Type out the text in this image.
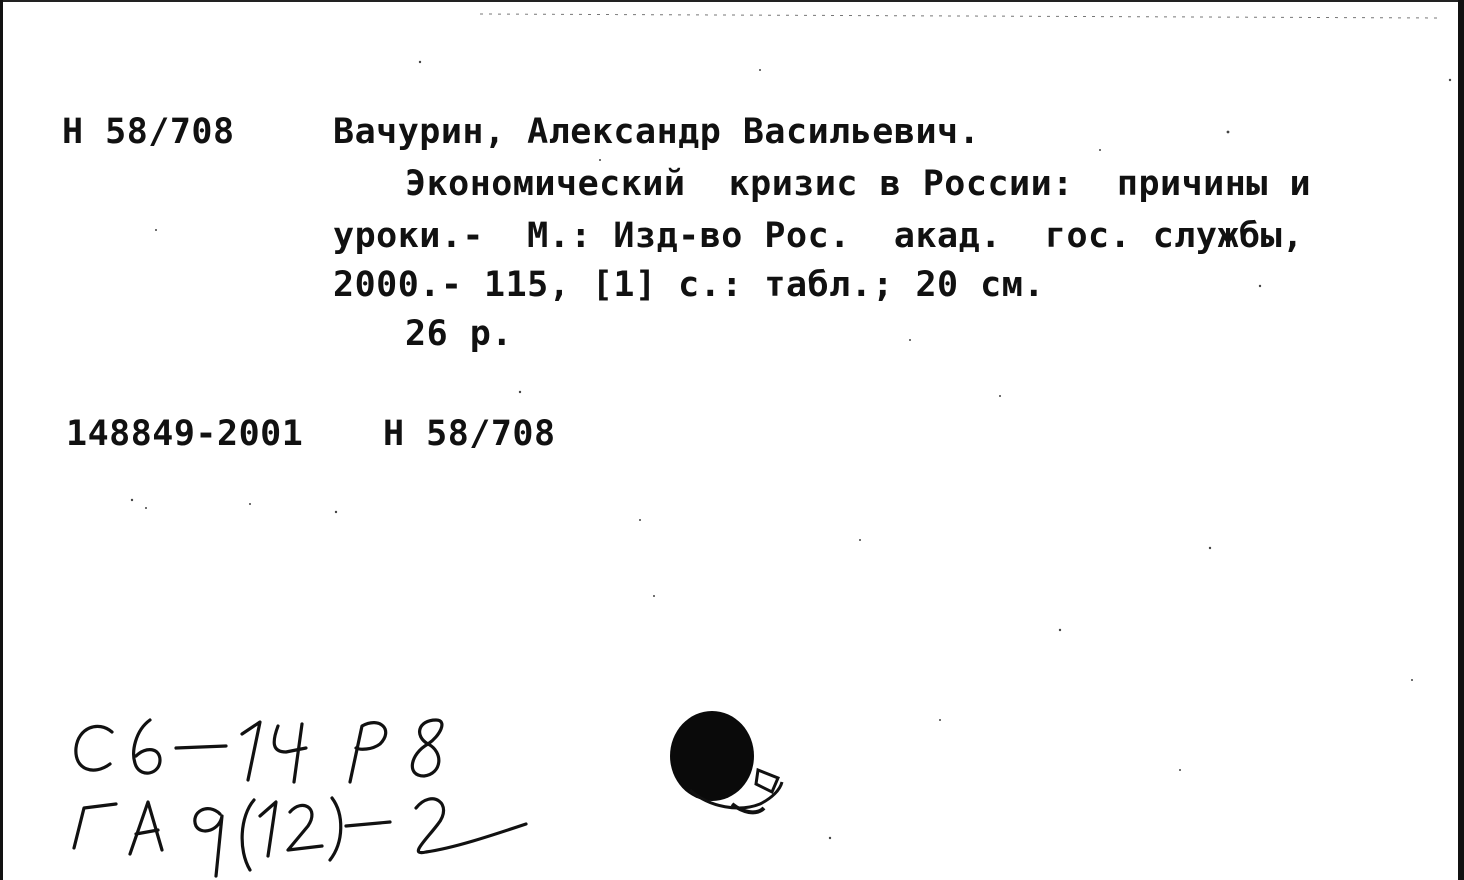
Н 58/708	Вачурин, Александр Васильевич.
Экономический  кризис в России:  причины и
уроки.-  М.: Изд-во Рос.  акад.  гос. службы,
2000.- 115, [1] с.: табл.; 20 см.
26 р.
148849-2001 Н 58/708
